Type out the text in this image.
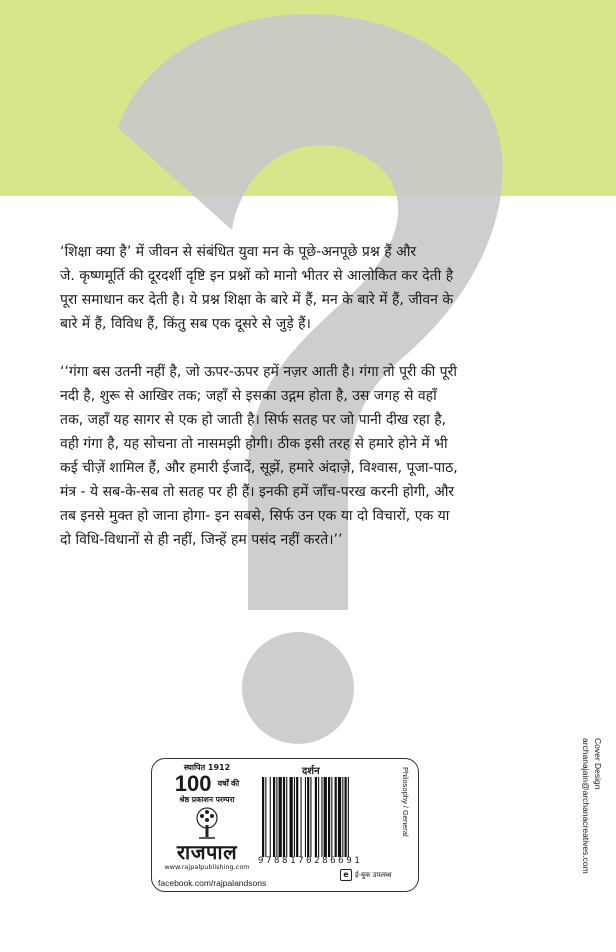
‘शिक्षा क्या है’ में जीवन से संबंधित युवा मन के पूछे-अनपूछे प्रश्न हैं और
जे. कृष्णमूर्ति की दूरदर्शी दृष्टि इन प्रश्नों को मानो भीतर से आलोकित कर देती है
पूरा समाधान कर देती है। ये प्रश्न शिक्षा के बारे में हैं, मन के बारे में हैं, जीवन के
बारे में हैं, विविध हैं, किंतु सब एक दूसरे से जुड़े हैं।

‘‘गंगा बस उतनी नहीं है, जो ऊपर-ऊपर हमें नज़र आती है। गंगा तो पूरी की पूरी
नदी है, शुरू से आखिर तक; जहाँ से इसका उद्गम होता है, उस जगह से वहाँ
तक, जहाँ यह सागर से एक हो जाती है। सिर्फ सतह पर जो पानी दीख रहा है,
वही गंगा है, यह सोचना तो नासमझी होगी। ठीक इसी तरह से हमारे होने में भी
कई चीज़ें शामिल हैं, और हमारी ईजादें, सूझें, हमारे अंदाज़े, विश्वास, पूजा-पाठ,
मंत्र - ये सब-के-सब तो सतह पर ही हैं। इनकी हमें जाँच-परख करनी होगी, और
तब इनसे मुक्त हो जाना होगा- इन सबसे, सिर्फ उन एक या दो विचारों, एक या
दो विधि-विधानों से ही नहीं, जिन्हें हम पसंद नहीं करते।’’

स्थापित 1912
100 $^{वर्षों की}$
श्रेष्ठ प्रकाशन परम्परा
राजपाल
www.rajpalpublishing.com
facebook.com/rajpalandsons
दर्शन
9788170286691
Philosophy / General
e ई-बुक उपलब्ध
Cover Design
archanajain@archanacreatives.com
